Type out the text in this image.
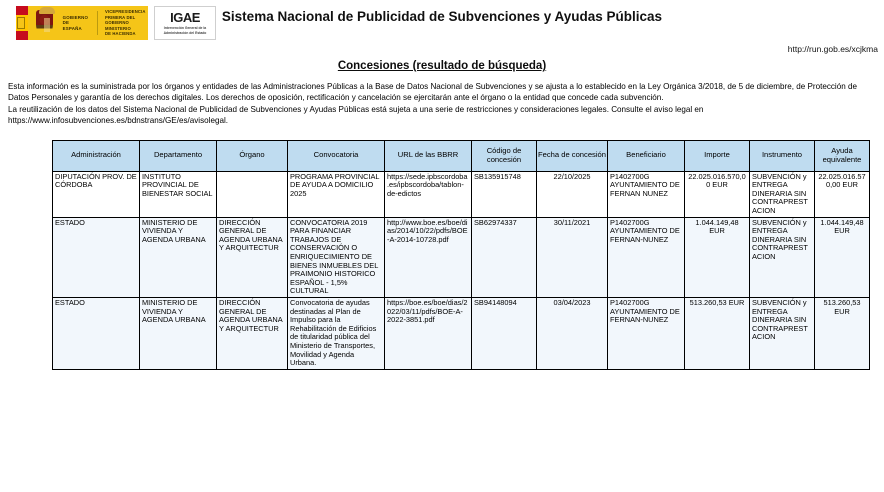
GOBIERNO
DE ESPAÑA
VICEPRESIDENCIA
PRIMERA DEL GOBIERNO
MINISTERIO
DE HACIENDA
IGAE
Intervención General de la
Administración del Estado
Sistema Nacional de Publicidad de Subvenciones y Ayudas Públicas
http://run.gob.es/xcjkma
Concesiones (resultado de búsqueda)

Esta información es la suministrada por los órganos y entidades de las Administraciones Públicas a la Base de Datos Nacional de Subvenciones y se ajusta a lo establecido en la Ley Orgánica 3/2018, de 5 de diciembre, de Protección de Datos Personales y garantía de los derechos digitales. Los derechos de oposición, rectificación y cancelación se ejercitarán ante el órgano o la entidad que concede cada subvención.

La reutilización de los datos del Sistema Nacional de Publicidad de Subvenciones y Ayudas Públicas está sujeta a una serie de restricciones y consideraciones legales. Consulte el aviso legal en https://www.infosubvenciones.es/bdnstrans/GE/es/avisolegal.

Administración	Departamento	Órgano	Convocatoria	URL de las BBRR	Código de concesión	Fecha de concesión	Beneficiario	Importe	Instrumento	Ayuda equivalente
DIPUTACIÓN PROV. DE CÓRDOBA	INSTITUTO PROVINCIAL DE BIENESTAR SOCIAL		PROGRAMA PROVINCIAL DE AYUDA A DOMICILIO 2025	https://sede.ipbscordoba.es/ipbscordoba/tablon-de-edictos	SB135915748	22/10/2025	P1402700G AYUNTAMIENTO DE FERNAN NUNEZ	22.025.016.570,00 EUR	SUBVENCIÓN y ENTREGA DINERARIA SIN CONTRAPRESTACION	22.025.016.570,00 EUR
ESTADO	MINISTERIO DE VIVIENDA Y AGENDA URBANA	DIRECCIÓN GENERAL DE AGENDA URBANA Y ARQUITECTUR	CONVOCATORIA 2019 PARA FINANCIAR TRABAJOS DE CONSERVACIÓN O ENRIQUECIMIENTO DE BIENES INMUEBLES DEL PRAIMONIO HISTORICO ESPAÑOL - 1,5% CULTURAL	http://www.boe.es/boe/dias/2014/10/22/pdfs/BOE-A-2014-10728.pdf	SB62974337	30/11/2021	P1402700G AYUNTAMIENTO DE FERNAN-NUNEZ	1.044.149,48 EUR	SUBVENCIÓN y ENTREGA DINERARIA SIN CONTRAPRESTACION	1.044.149,48 EUR
ESTADO	MINISTERIO DE VIVIENDA Y AGENDA URBANA	DIRECCIÓN GENERAL DE AGENDA URBANA Y ARQUITECTUR	Convocatoria de ayudas destinadas al Plan de Impulso para la Rehabilitación de Edificios de titularidad pública del Ministerio de Transportes, Movilidad y Agenda Urbana.	https://boe.es/boe/dias/2022/03/11/pdfs/BOE-A-2022-3851.pdf	SB94148094	03/04/2023	P1402700G AYUNTAMIENTO DE FERNAN-NUNEZ	513.260,53 EUR	SUBVENCIÓN y ENTREGA DINERARIA SIN CONTRAPRESTACION	513.260,53 EUR
